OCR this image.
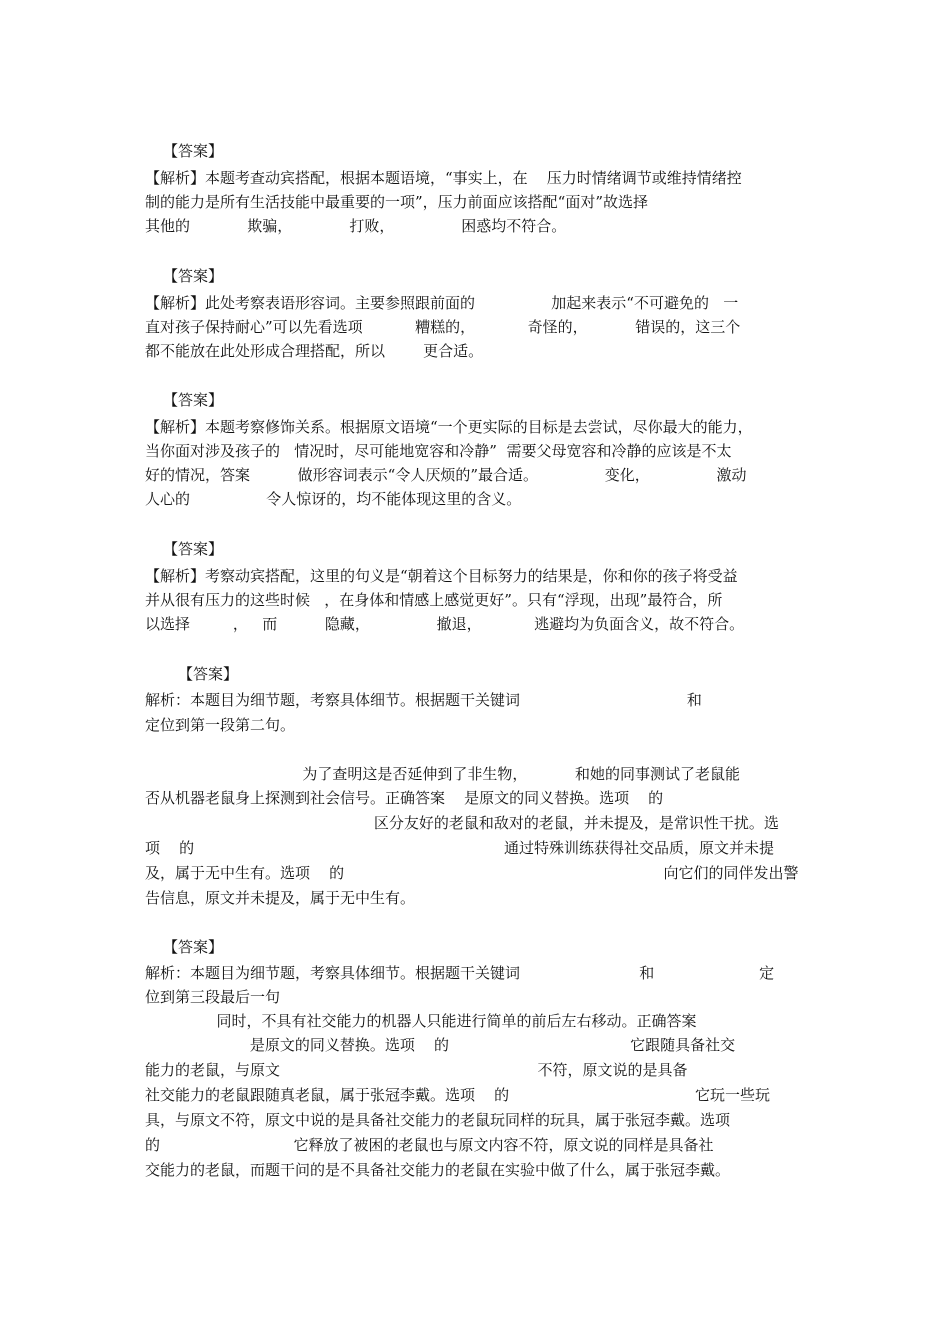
【答案】
【解析】本题考查动宾搭配，根据本题语境，“事实上，在    压力时情绪调节或维持情绪控
制的能力是所有生活技能中最重要的一项”，压力前面应该搭配“面对”故选择
其他的            欺骗，            打败，              困惑均不符合。
【答案】
【解析】此处考察表语形容词。主要参照跟前面的                加起来表示“不可避免的   一
直对孩子保持耐心”可以先看选项           糟糕的，           奇怪的，          错误的，这三个
都不能放在此处形成合理搭配，所以        更合适。
【答案】
【解析】本题考察修饰关系。根据原文语境“一个更实际的目标是去尝试，尽你最大的能力，
当你面对涉及孩子的   情况时，尽可能地宽容和冷静”  需要父母宽容和冷静的应该是不太
好的情况，答案          做形容词表示“令人厌烦的”最合适。              变化，              激动
人心的                令人惊讶的，均不能体现这里的含义。
【答案】
【解析】考察动宾搭配，这里的句义是“朝着这个目标努力的结果是，你和你的孩子将受益
并从很有压力的这些时候   ，在身体和情感上感觉更好”。只有“浮现，出现”最符合，所
以选择         ，   而          隐藏，              撤退，           逃避均为负面含义，故不符合。
【答案】
解析：本题目为细节题，考察具体细节。根据题干关键词                                   和
定位到第一段第二句。
为了查明这是否延伸到了非生物，          和她的同事测试了老鼠能
否从机器老鼠身上探测到社会信号。正确答案    是原文的同义替换。选项    的
区分友好的老鼠和敌对的老鼠，并未提及，是常识性干扰。选
项    的                                                                 通过特殊训练获得社交品质，原文并未提
及，属于无中生有。选项    的                                                                   向它们的同伴发出警
告信息，原文并未提及，属于无中生有。
【答案】
解析：本题目为细节题，考察具体细节。根据题干关键词                         和                      定
位到第三段最后一句
同时，不具有社交能力的机器人只能进行简单的前后左右移动。正确答案
是原文的同义替换。选项    的                                      它跟随具备社交
能力的老鼠，与原文                                                      不符，原文说的是具备
社交能力的老鼠跟随真老鼠，属于张冠李戴。选项    的                                       它玩一些玩
具，与原文不符，原文中说的是具备社交能力的老鼠玩同样的玩具，属于张冠李戴。选项
的                            它释放了被困的老鼠也与原文内容不符，原文说的同样是具备社
交能力的老鼠，而题干问的是不具备社交能力的老鼠在实验中做了什么，属于张冠李戴。
